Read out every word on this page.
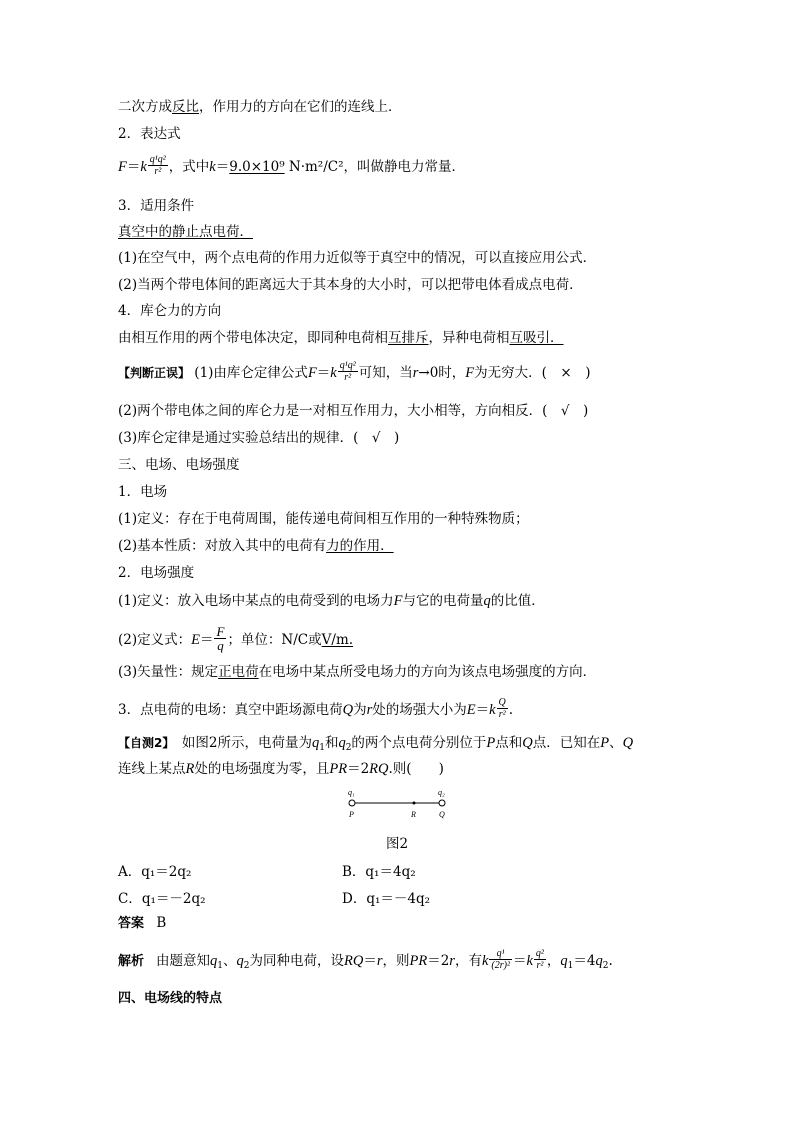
二次方成反比，作用力的方向在它们的连线上．
2．表达式
$F=k \frac{\text{q¹q²}}{\text{r²}}$ ，式中k＝9.0×10⁹ N·m²/C²，叫做静电力常量．
3．适用条件
真空中的静止点电荷．
(1)在空气中，两个点电荷的作用力近似等于真空中的情况，可以直接应用公式．
(2)当两个带电体间的距离远大于其本身的大小时，可以把带电体看成点电荷．
4．库仑力的方向
由相互作用的两个带电体决定，即同种电荷相互排斥，异种电荷相互吸引．
【判断正误】 (1)由库仑定律公式$F=k \frac{\text{q¹q²}}{\text{r²}}$ 可知，当r→0时，F为无穷大．(　×　)
(2)两个带电体之间的库仑力是一对相互作用力，大小相等，方向相反．(　√　)
(3)库仑定律是通过实验总结出的规律．(　√　)
三、电场、电场强度
1．电场
(1)定义：存在于电荷周围，能传递电荷间相互作用的一种特殊物质；
(2)基本性质：对放入其中的电荷有力的作用．
2．电场强度
(1)定义：放入电场中某点的电荷受到的电场力F与它的电荷量q的比值．
(2)定义式：$E= \frac{F}{q}$ ；单位：N/C或V/m.
(3)矢量性：规定正电荷在电场中某点所受电场力的方向为该点电场强度的方向．
3．点电荷的电场：真空中距场源电荷Q为r处的场强大小为$E=k \frac{Q}{\text{r²}}$ .
【自测2】　如图2所示，电荷量为$q_1$和$q_2$的两个点电荷分别位于P点和Q点．已知在P、Q
连线上某点R处的电场强度为零，且PR＝2RQ.则(　　)
q₁	q₂
P	R	Q
图2
A．q₁＝2q₂	B．q₁＝4q₂
C．q₁＝－2q₂	D．q₁＝－4q₂
答案 B
解析 由题意知$q_1$、$q_2$为同种电荷，设RQ＝r，则PR＝2r，有k $\frac{\text{q¹}}{\text{(2r)²}} =k \frac{\text{q²}}{\text{r²}}$ ，$q_1=4q_2$.
四、电场线的特点
